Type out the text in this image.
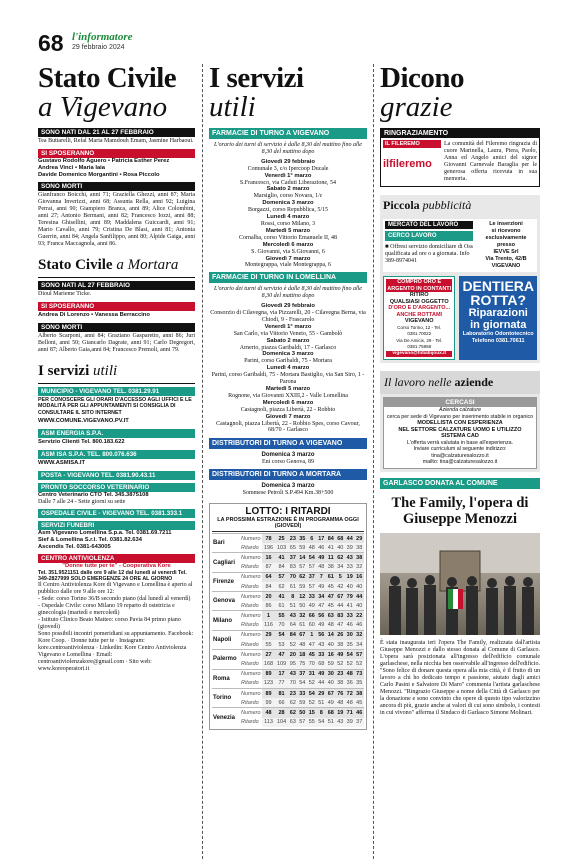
68 l'informatore
29 febbraio 2024
Stato Civile
a Vigevano
SONO NATI DAL 21 AL 27 FEBBRAIO
Tea Buttarelli, Refal Maria Mamdouh Emam, Jasmine Harbaoui.
SI SPOSERANNO
Gustavo Rodolfo Aguero • Patricia Esther Perez
Andrea Vinci • Maria Iaia
Davide Domenico Morgantini • Rosa Piccolo
SONO MORTI
Gianfranco Boicchi, anni 71; Graziella Ghezzi, anni 87; Maria Giovanna Inverizzi, anni 68; Assunta Rella, anni 92; Luigina Perrai, anni 90; Giampiero Branca, anni 89; Alice Colombini, anni 27; Antonio Bermani, anni 82; Francesco Iozzi, anni 88; Teresina Ghisellini, anni 89; Maddalena Guiccardi, anni 91; Mario Cavallo, anni 79; Cristina De Blasi, anni 81; Antonia Guerrin, anni 84; Angela Sanfilippo, anni 80; Alpide Gaiga, anni 93; Franca Maccagnola, anni 86.
Stato Civile a Mortara
SONO NATI AL 27 FEBBRAIO
Dioul Marieme Ticke.
SI SPOSERANNO
Andrea Di Lorenzo • Vanessa Berraccino
SONO MORTI
Alberto Scarponi, anni 84; Graziano Gasparetto, anni 86; Juri Belloni, anni 50; Giancarlo Dagrate, anni 91; Carlo Degregori, anni 87; Alberto Gaia,anni 84; Francesco Premoli, anni 79.
I servizi utili
MUNICIPIO - VIGEVANO TEL. 0381.29.91
PER CONOSCERE GLI ORARI D'ACCESSO AGLI UFFICI E LE MODALITÀ PER GLI APPUNTAMENTI SI CONSIGLIA DI CONSULTARE IL SITO INTERNET
WWW.COMUNE.VIGEVANO.PV.IT
ASM ENERGIA S.P.A.
Servizio Clienti Tel. 800.183.622
ASM ISA S.P.A. TEL. 800.076.636
WWW.ASMISA.IT
POSTA - VIGEVANO TEL. 0381.90.43.11
PRONTO SOCCORSO VETERINARIO
Centro Veterinario CTO Tel. 345.3875108
Dalle 7 alle 24 - Sette giorni su sette
OSPEDALE CIVILE - VIGEVANO TEL. 0381.333.1
SERVIZI FUNEBRI
Asm Vigevano Lomellina S.p.a. Tel. 0381.69.7211
Sief & Lomellina S.r.l. Tel. 0381.82.634
Ascendis Tel. 0381-643005
CENTRO ANTIVIOLENZA
"Donne tutte per te" - Cooperativa Kore
Tel. 351.9521151 dalle ore 9 alle 12 dal lunedì al venerdì Tel. 349-2827999 SOLO EMERGENZE 24 ORE AL GIORNO
Il Centro Antiviolenza Kore di Vigevano e Lomellina è aperto al pubblico dalle ore 9 alle ore 12:
- Sede: corso Torino 36/B secondo piano (dal lunedì al venerdì)
- Ospedale Civile: corso Milano 19 reparto di ostetricia e ginecologia (martedì e mercoledì)
- Istituto Clinico Beato Matteo: corso Pavia 84 primo piano (giovedì)
Sono possibili incontri pomeridiani su appuntamento. Facebook: Kore Coop. · Donne tutte per te · Instagram: kore.centroantiviolenza · Linkedin: Kore Centro Antiviolenza Vigevano e Lomellina · Email: centroantiviolenzakore@gmail.com · Sito web: www.koreoperatori.it
I servizi
utili
FARMACIE DI TURNO A VIGEVANO
L'orario dei turni di servizio è dalle 8,30 del mattino fino alle 8,30 del mattino dopo
Giovedì 29 febbraio
Comunale 3, c/o Ipercoop Ducale
Venerdì 1° marzo
S.Francesco, via Caduti Liberazione, 54
Sabato 2 marzo
Marsiglio, corso Novara, 1/c
Domenica 3 marzo
Borgazzi, corso Repubblica, 5/15
Lunedì 4 marzo
Rossi, corso Milano, 3
Martedì 5 marzo
Cornalba, corso Vittorio Emanuele II, 48
Mercoledì 6 marzo
S. Giovanni, via S.Giovanni, 6
Giovedì 7 marzo
Montegrappa, viale Montegrappa, 6
FARMACIE DI TURNO IN LOMELLINA
L'orario dei turni di servizio è dalle 8,30 del mattino fino alle 8,30 del mattino dopo
Giovedì 29 febbraio
Consorzio di Cilavegna, via Pizzarelli, 20 - Cilavegna Berna, via Chiodi, 9 - Frascarolo
Venerdì 1° marzo
San Carlo, via Vittorio Veneto, 55 - Gambolò
Sabato 2 marzo
Arnerio, piazza Garibaldi, 17 - Garlasco
Domenica 3 marzo
Parini, corso Garibaldi, 75 - Mortara
Lunedì 4 marzo
Parini, corso Garibaldi, 75 - Mortara Bastiglio, via San Siro, 1 - Parona
Martedì 5 marzo
Rognone, via Giovanni XXIII,2 - Valle Lomellina
Mercoledì 6 marzo
Castagnoli, piazza Libertà, 22 - Robbio
Giovedì 7 marzo
Castagnoli, piazza Libertà, 22 - Robbio Spes, corso Cavour, 68/70 - Garlasco
DISTRIBUTORI DI TURNO A VIGEVANO
Domenica 3 marzo
Eni corso Genova, 89
DISTRIBUTORI DI TURNO A MORTARA
Domenica 3 marzo
Sommese Petroli S.P.494 Km.38+500
LOTTO: I RITARDI
LA PROSSIMA ESTRAZIONE È IN PROGRAMMA OGGI (GIOVEDÌ)
Bari	Numero	78	25	23	35	6	17	84	68	44	29
	Ritardo	196	103	65	59	48	46	41	40	39	38
Cagliari	Numero	16	41	37	14	54	49	11	62	43	38
	Ritardo	87	84	83	57	57	48	38	34	33	32
Firenze	Numero	64	57	70	62	37	7	61	5	19	16
	Ritardo	84	62	61	59	57	49	45	42	40	40
Genova	Numero	20	41	8	12	33	34	47	67	79	44
	Ritardo	86	61	51	50	49	47	45	44	41	40
Milano	Numero	1	55	43	32	66	56	63	83	33	22
	Ritardo	116	70	64	61	60	49	48	47	46	46
Napoli	Numero	29	54	84	67	1	56	14	26	30	32
	Ritardo	55	53	52	48	47	43	40	38	35	34
Palermo	Numero	27	47	20	18	45	33	16	49	54	57
	Ritardo	168	109	95	75	70	68	59	52	52	52
Roma	Numero	89	17	43	37	31	49	30	23	48	73
	Ritardo	123	77	70	54	52	44	40	38	36	35
Torino	Numero	89	81	23	33	54	29	67	76	72	38
	Ritardo	99	66	62	59	52	51	49	48	48	45
Venezia	Numero	48	28	62	50	15	8	68	19	71	46
	Ritardo	113	104	63	57	55	54	51	43	39	37
Dicono
grazie
RINGRAZIAMENTO
IL FILEREMO
ilfileremo
La comunità del Fileremo ringrazia di cuore Marinella, Laura, Piera, Paolo, Anna ed Angelo amici del signor Giovanni Carnevale Baraglia per le generosa offerta ricevuta in sua memoria.
Piccola pubblicità
MERCATO DEL LAVORO
CERCO LAVORO
■ Offresi servizio domiciliare di Oss qualificata ad ore o a giornata. Info 389-8974041
Le inserzioni
si ricevono
esclusivamente
presso
IEVVE Srl
Via Trento, 42/B
VIGEVANO
COMPRO ORO E
ARGENTO IN CONTANTI
RITIRO
QUALSIASI OGGETTO
D'ORO E D'ARGENTO...
ANCHE ROTTAMI
VIGEVANO
Corso Torino, 12 - Tel. 0381.70022
Via De Amicis, 29 - Tel. 0381.75858
vigevano@fidiabijoux.it
DENTIERA
ROTTA?
Riparazioni
in giornata
Laboratorio Odontotecnico
Telefono 0381.70611
Il lavoro nelle aziende
CERCASI
Azienda calzature
cerca per sede di Vigevano per inserimento stabile in organico
MODELLISTA CON ESPERIENZA
NEL SETTORE CALZATURE UOMO E UTILIZZO
SISTEMA CAD
L'offerta verrà valutata in base all'esperienza.
Inviare curriculum al seguente indirizzo:
tina@calzaturesalozzo.it
mailto: tina@calzaturesalozzo.it
GARLASCO DONATA AL COMUNE
The Family, l'opera di Giuseppe Menozzi
È stata inaugurata ieri l'opera The Family, realizzata dall'artista Giuseppe Menozzi e dallo stesso donata al Comune di Garlasco. L'opera sarà posizionata all'ingresso dell'edificio comunale garlaschese, nella nicchia ben osservabile all'ingresso dell'edificio. "Sono felice di donare questa opera alla mia città, è il frutto di un lavoro a chi ho dedicato tempo e passione, aiutato dagli amici Carlo Pasini e Salvatore Di Maro" commenta l'artista garlaschese Menozzi. "Ringrazio Giuseppe a nome della Città di Garlasco per la donazione e sono convinto che opere di questo tipo valorizzino ancora di più, grazie anche ai valori di cui sono simbolo, i contesti in cui vivono" afferma il Sindaco di Garlasco Simone Molinari.
